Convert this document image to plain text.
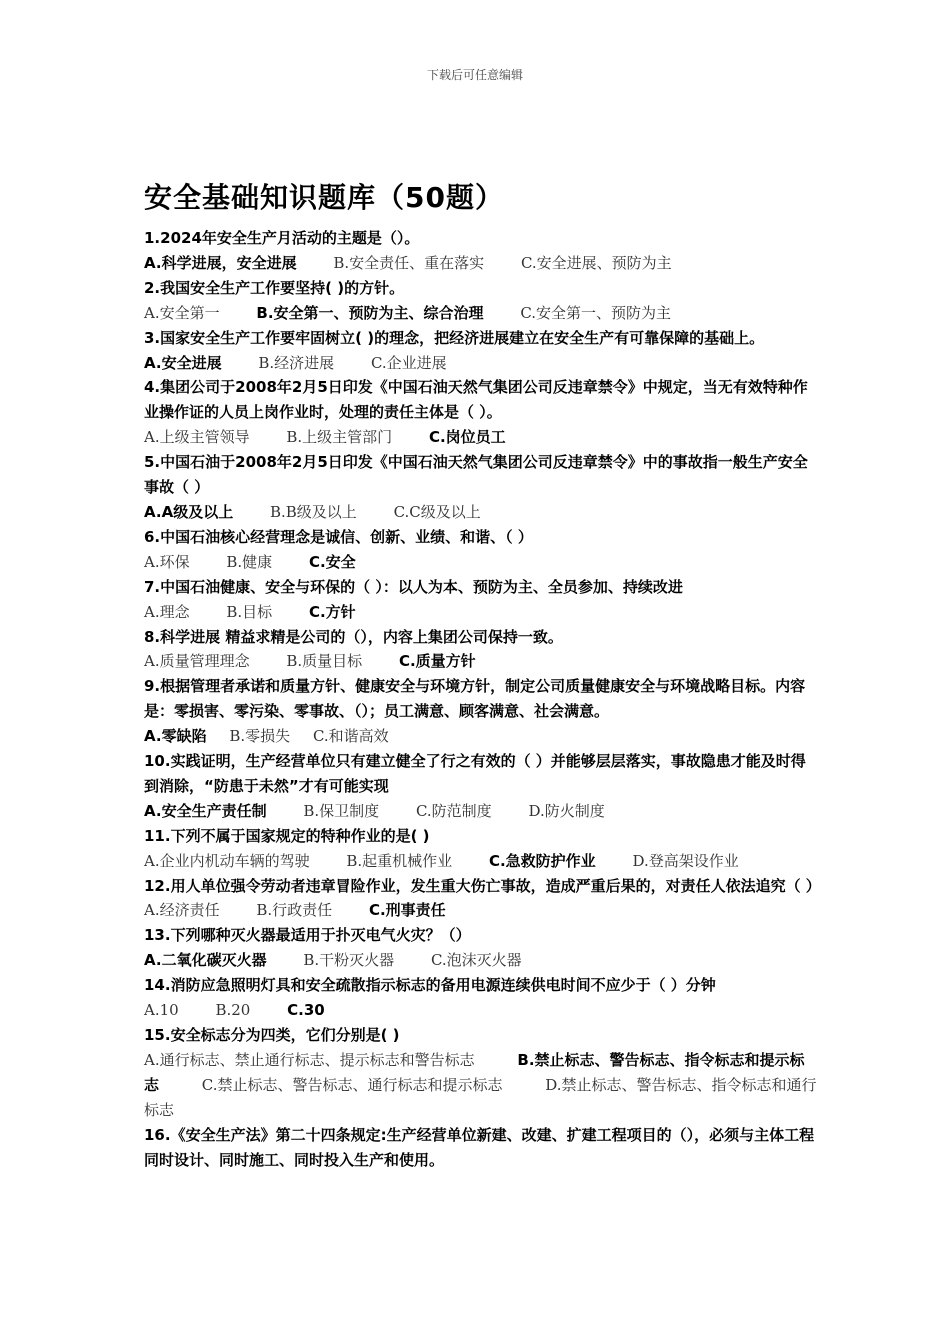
下载后可任意编辑
安全基础知识题库（50题）
1.2024年安全生产月活动的主题是（）。
A.科学进展，安全进展 B.安全责任、重在落实 C.安全进展、预防为主
2.我国安全生产工作要坚持( )的方针。
A.安全第一 B.安全第一、预防为主、综合治理 C.安全第一、预防为主
3.国家安全生产工作要牢固树立( )的理念，把经济进展建立在安全生产有可靠保障的基础上。
A.安全进展 B.经济进展 C.企业进展
4.集团公司于2008年2月5日印发《中国石油天然气集团公司反违章禁令》中规定，当无有效特种作业操作证的人员上岗作业时，处理的责任主体是（ ）。
A.上级主管领导 B.上级主管部门 C.岗位员工
5.中国石油于2008年2月5日印发《中国石油天然气集团公司反违章禁令》中的事故指一般生产安全事故（ ）
A.A级及以上 B.B级及以上 C.C级及以上
6.中国石油核心经营理念是诚信、创新、业绩、和谐、（ ）
A.环保 B.健康 C.安全
7.中国石油健康、安全与环保的（ ）：以人为本、预防为主、全员参加、持续改进
A.理念 B.目标 C.方针
8.科学进展 精益求精是公司的（），内容上集团公司保持一致。
A.质量管理理念 B.质量目标 C.质量方针
9.根据管理者承诺和质量方针、健康安全与环境方针，制定公司质量健康安全与环境战略目标。内容是：零损害、零污染、零事故、（）；员工满意、顾客满意、社会满意。
A.零缺陷 B.零损失 C.和谐高效
10.实践证明，生产经营单位只有建立健全了行之有效的（ ）并能够层层落实，事故隐患才能及时得到消除，“防患于未然”才有可能实现
A.安全生产责任制 B.保卫制度 C.防范制度 D.防火制度
11.下列不属于国家规定的特种作业的是( )
A.企业内机动车辆的驾驶 B.起重机械作业 C.急救防护作业 D.登高架设作业
12.用人单位强令劳动者违章冒险作业，发生重大伤亡事故，造成严重后果的，对责任人依法追究（ ）
A.经济责任 B.行政责任 C.刑事责任
13.下列哪种灭火器最适用于扑灭电气火灾？（）
A.二氧化碳灭火器 B.干粉灭火器 C.泡沫灭火器
14.消防应急照明灯具和安全疏散指示标志的备用电源连续供电时间不应少于（ ）分钟
A.10 B.20 C.30
15.安全标志分为四类，它们分别是( )
A.通行标志、禁止通行标志、提示标志和警告标志	B.禁止标志、警告标志、指令标志和提示标志	C.禁止标志、警告标志、通行标志和提示标志	D.禁止标志、警告标志、指令标志和通行标志
16.《安全生产法》第二十四条规定:生产经营单位新建、改建、扩建工程项目的（），必须与主体工程同时设计、同时施工、同时投入生产和使用。
